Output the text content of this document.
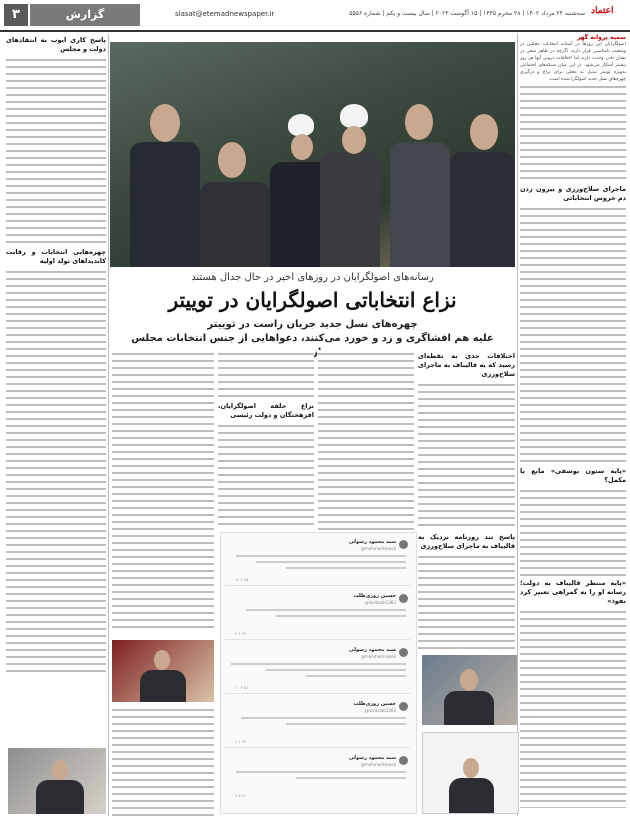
۳	گزارش	siasat@etemadnewspaper.ir	سه‌شنبه ۲۴ مرداد ۱۴۰۲ | ۲۸ محرم ۱۴۴۵ | ۱۵ آگوست ۲۰۲۳ | سال بیست و یکم | شماره ۵۵۵۶ اعتماد
سمیه پروانه گهر
اصولگرایان این روزها در آستانه انتخابات مجلس در وضعیت نامناسبی قرار دارند. اگرچه در ظاهر سعی در نشان دادن وحدت دارند اما اختلافات درونی آنها هر روز بیشتر آشکار می‌شود. در این میان شبکه‌های اجتماعی به‌ویژه توییتر تبدیل به محلی برای نزاع و درگیری چهره‌های نسل جدید اصولگرا شده است.
ماجرای سلاح‌ورزی و بیرون زدن دم خروس انتخاباتی
«پایه ستون یوسفی» مانع یا مکمل؟
«پایه منتظر قالیباف به دولت؛ رسانه او را به گمراهی تعبیر کرد نفوذ»
پاسخ کاری ایوب به انتقادهای دولت و مجلس
چهره‌هایی انتخابات و رقابت کاندیداهای تولد اولیه
رسانه‌های اصولگرایان در روزهای اخیر در حال جدال هستند
نزاع انتخاباتی اصولگرایان در توییتر
چهره‌های نسل جدید جریان راست در توییتر
علیه هم افشاگری و زد و خورد می‌کنند، دعواهایی از جنس انتخابات مجلس
اختلافات جدی به نقطه‌ای رسید که به قالیباف به ماجرای سلاح‌ورزی
پاسخ تند روزنامه نزدیک به قالیباف به ماجرای سلاح‌ورزی
نزاع حلقه اصولگرایان، افرهختگان و دولت رئیسی
سید محمود رسولی
@mahmodrasooli
۱۲ ۴ ۶۵
حسین روزی‌طلب
@rozitalab1362
۸ ۲ ۴۳
سید محمود رسولی
@mahmodrasooli
۱۰ ۳ ۵۱
حسین روزی‌طلب
@rozitalab1362
۶ ۱ ۳۷
سید محمود رسولی
@mahmodrasooli
۹ ۵ ۴۸
